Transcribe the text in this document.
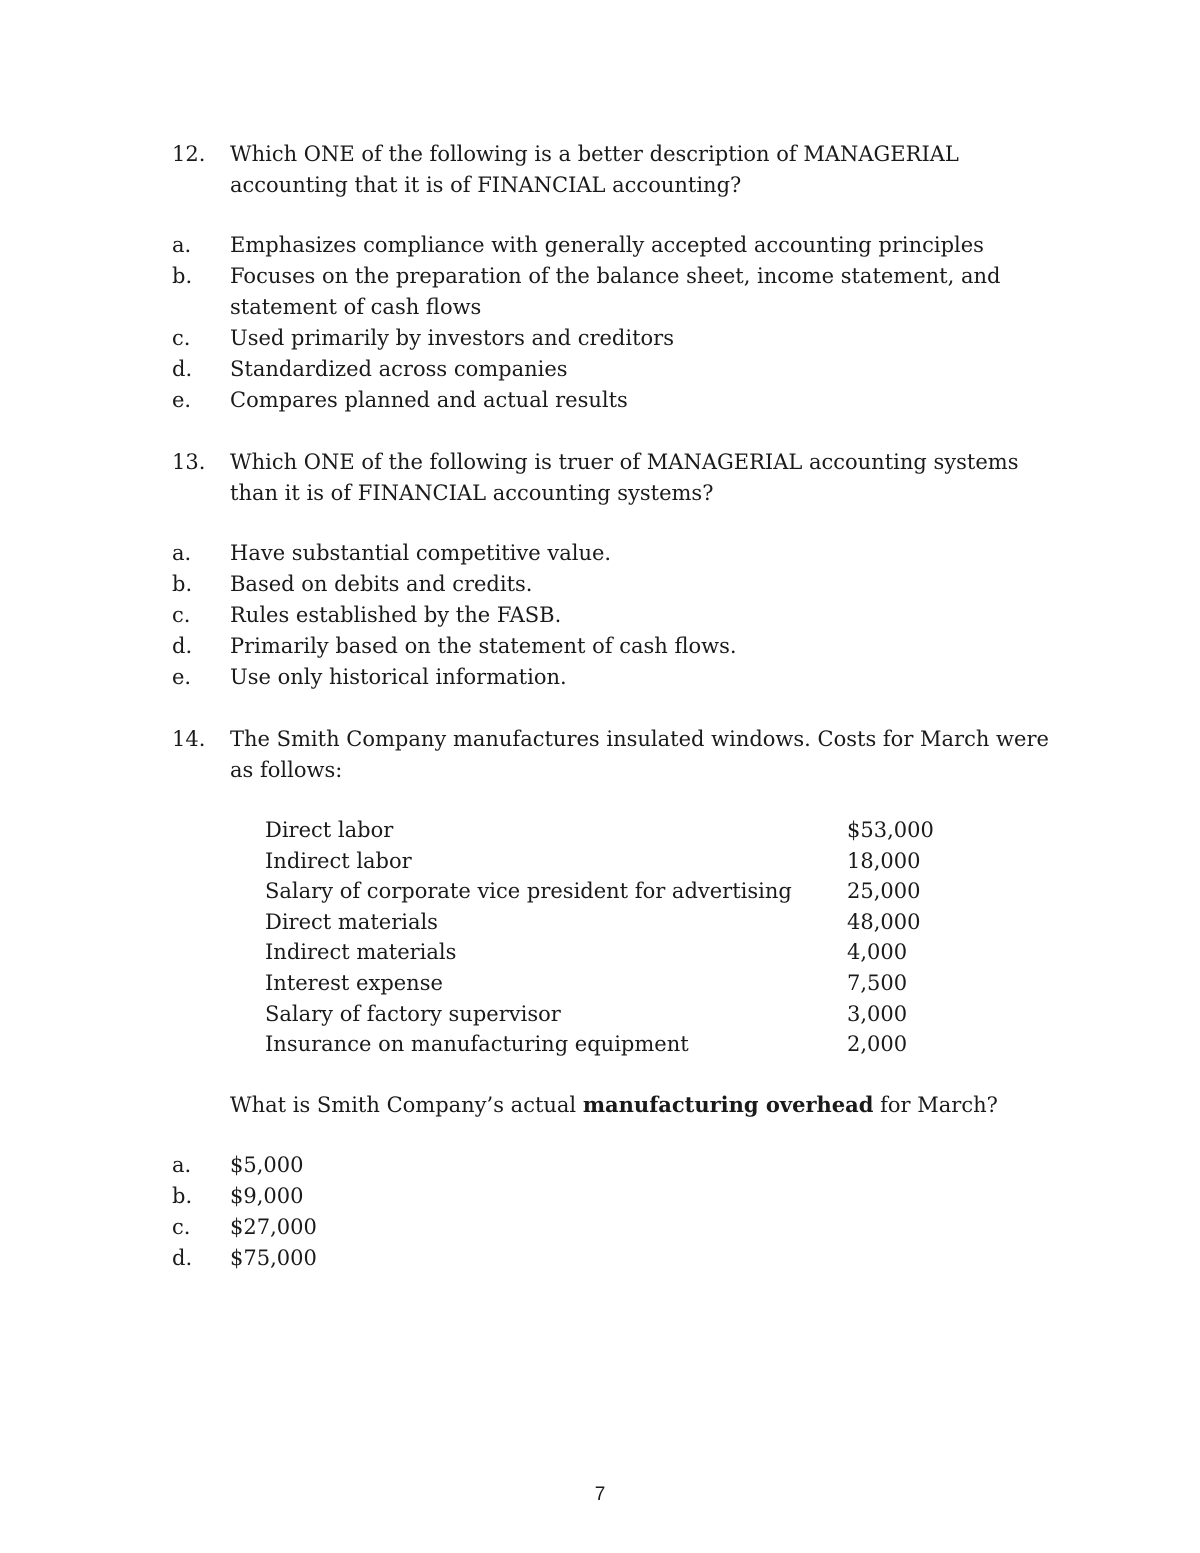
12.	Which ONE of the following is a better description of MANAGERIAL accounting that it is of FINANCIAL accounting?
a.	Emphasizes compliance with generally accepted accounting principles
b.	Focuses on the preparation of the balance sheet, income statement, and statement of cash flows
c.	Used primarily by investors and creditors
d.	Standardized across companies
e.	Compares planned and actual results
13.	Which ONE of the following is truer of MANAGERIAL accounting systems than it is of FINANCIAL accounting systems?
a.	Have substantial competitive value.
b.	Based on debits and credits.
c.	Rules established by the FASB.
d.	Primarily based on the statement of cash flows.
e.	Use only historical information.
14.	The Smith Company manufactures insulated windows. Costs for March were as follows:
Direct labor	$53,000
Indirect labor	18,000
Salary of corporate vice president for advertising	25,000
Direct materials	48,000
Indirect materials	4,000
Interest expense	7,500
Salary of factory supervisor	3,000
Insurance on manufacturing equipment	2,000
What is Smith Company’s actual manufacturing overhead for March?
a.	$5,000
b.	$9,000
c.	$27,000
d.	$75,000
7
